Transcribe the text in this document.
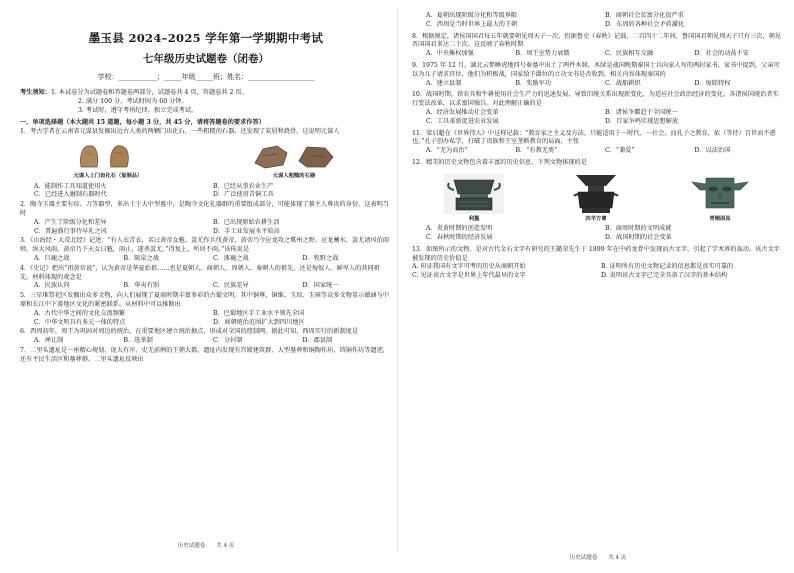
墨玉县 2024–2025 学年第一学期期中考试
七年级历史试题卷（闭卷）
学校：___________；_____年级_____班；姓名：___________________
考生须知：1. 本试卷分为试题卷和答题卷两部分，试题卷共 4 页，答题卷共 2 页。
2. 满分 100 分，考试时间为 60 分钟。
3. 考试时，遵守考场纪律，独立完成考试。
一、单项选择题（本大题共 15 道题，每小题 3 分，共 45 分，请将答题卷的要求作答）

1．考古学者在云南省元谋县发掘出远古人类的两颗门齿化石，一些粗糙的石器，还发现了炭屑和烧骨。这说明元谋人

元谋人上门齿化石（复制品）	元谋人粗糙的石器
A．能制作工具知道使用火	B．已经从事农业生产
C．已经进入磨制石器时代	D．广泛使用青铜工具

2．陶寺玉器主要有琮、刀等器型，多出土于大中型墓中，是陶寺文化礼器群的重要组成部分，可能体现了墓主人尊贵的身份。这表明当时

A．产生了阶级分化和差异	B．已出现原始农耕生活
C．普遍盛行事侍早礼之风	D．手工业发展水平较高

3．《山海经・大荒北经》记述：“有人衣青衣，名曰黄帝女魃。蚩尤作兵伐黄帝，黄帝乃令应龙攻之冀州之野。应龙蓄水，蚩尤请风伯雨师，纵大风雨。黄帝乃下天女曰魃，雨止，遂杀蚩尤。”得复上，所居不雨。”该传说是

A．巨鹿之战	B．阪泉之战	C．涿鹿之战	D．牧野之战

4．《史记》把出“祖黄帝说”，认为黄帝是华夏始祖……也是夏朝人、商朝人、周朝人、秦朝人的祖先，还是匈奴人、鲜卑人的共同祖先。材料体现的观念是

A．民族认同	B．华夷有别	C．民族差异	D．国家统一

5．三星堆祭祀区发掘出众多文物，向人们展现了夏商时期丰富多彩的古蜀文明。其中铜尊、铜维、玉琮、玉璋等众多文物显示蕴涵与中原和长江中下游地区文化的紧密联系。从材料中可以推断出

A．古代中华之间的文化交流频繁	B．巴蜀地区手工业水平领先全国
C．中华文明具有多元一体的特点	D．商朝统治范围扩大到四川地区

6．西周初年，周王为巩固对周边的统治，在重要地区建立统治据点，形成对全国的控制网。据此可知，西周实行的新制度是

A．禅让制	B．选举制	C．分封制	D．郡县制

7．二里头遗址是一座精心规划、庞大有序、史无前例的王朝大都，遗址内发现有宫殿建筑群、大型墓葬和铜陶作坊、铸铜作坊等遗迹，还有平民生活区和墓葬群。二里头遗址反映出

历史试题卷　　共 4 页
A．夏朝出现阶级分化和等级界限	B．商朝社会贫富分化很严重
C．西周是当时世界上最大的王朝	D．东周的各种社会矛盾激化

8．根据规定，诸侯国国君每五年就要朝见周天子一次，但据鲁史《春秋》记载，二百四十二年间，鲁国国君朝见周天子只有三次，朝见晋国国君多达二十次。这反映了春秋时期

A．中央集权加强	B．周王室势力衰微	C．民族相互交融	D．社会的动荡不安

9．1975 年 12 月，湖北云梦睡虎地四号秦墓中出土了两件木牍，木牍是战国晚期秦国士兵向家人写的两封家书，家书中提到，父亲可以为儿子请求官位，他们为积极战，国家给予爵位的立功文书是否收到，相关内容体现秦国的

A．建立县制	B．奖励军功	C．战船耕织	D．废除特权

10．战国时期，铁农具和牛耕使用社会生产力的迅速发展，导致旧统关系出现新变化，为适应社会政治经济的变化，各诸侯国统治者实行变法改革，以求富国强兵。对此理解正确的是

A．经济发展推动社会变革	B．诸侯争霸趋于全国统一
C．工具革新促进农业发展	D．百家争鸣实现思想解放

11．梁启超在《世界伟人》中这样记载：“教育家之主义及方法，只能适用于一时代、一社会。而孔子之教育，依（等待）百世而不惑也。”孔子创办私学，打破了贵族和王室垄断教育的局面，主张

A．“无为而治”	B．“有教无类”	C．“兼爱”	D．以法治国

12．精美的历史文物包含着丰富的历史信息。下列文物体现的是

利簋	四羊方尊	青铜面具
A．炎黄时期的创造发明	B．商周时期的文明成就
C．春秋时期的经济发展	D．战国时期的社会变革

13．如图所示的文物，是对古代金石文字有研究的王懿荣先生于 1899 年在中药龙骨中发现而古文字，引起了学术界的轰动。该古文字被发现的历史价值是

A. 印证我国有文字可考的历史从商朝开始	B. 证明所有历史文物记录的信息都是真实可靠的
C. 见证该古文字是世界上年代最早的文字	D. 说明该古文字已完全具备了汉字的基本结构
历史试题卷　　共 4 页
